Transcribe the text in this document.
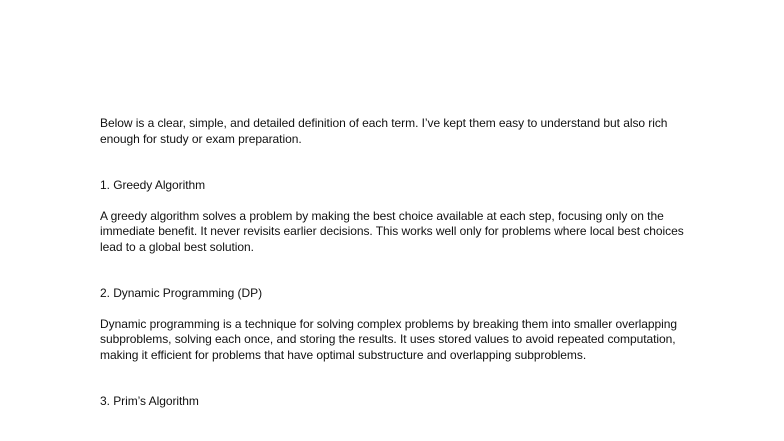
Below is a clear, simple, and detailed definition of each term. I’ve kept them easy to understand but also rich enough for study or exam preparation.

1. Greedy Algorithm

A greedy algorithm solves a problem by making the best choice available at each step, focusing only on the immediate benefit. It never revisits earlier decisions. This works well only for problems where local best choices lead to a global best solution.

2. Dynamic Programming (DP)

Dynamic programming is a technique for solving complex problems by breaking them into smaller overlapping subproblems, solving each once, and storing the results. It uses stored values to avoid repeated computation, making it efficient for problems that have optimal substructure and overlapping subproblems.

3. Prim’s Algorithm
